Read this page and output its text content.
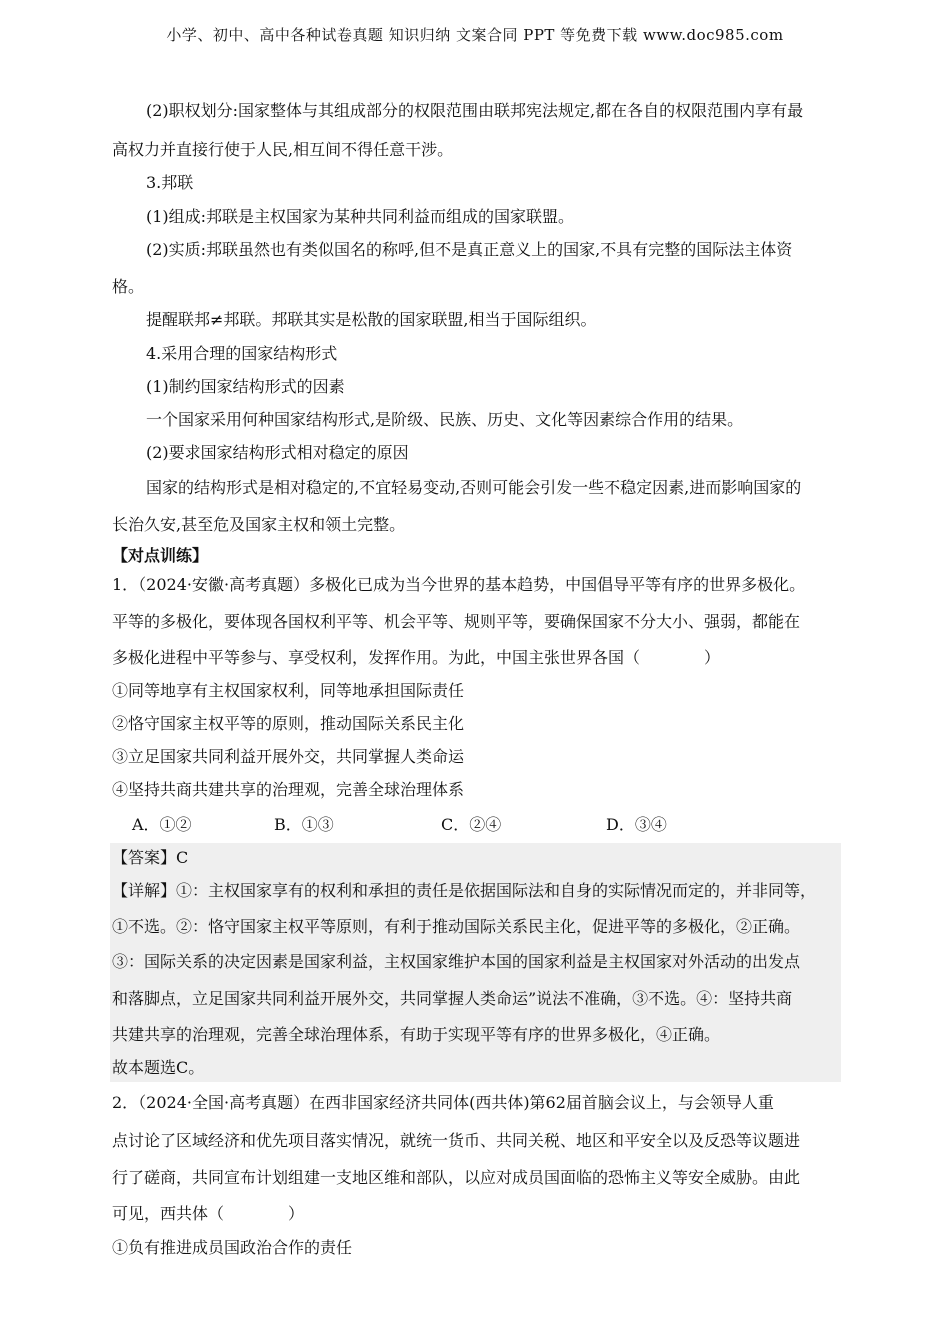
小学、初中、高中各种试卷真题 知识归纳 文案合同 PPT 等免费下载 www.doc985.com
(2)职权划分:国家整体与其组成部分的权限范围由联邦宪法规定,都在各自的权限范围内享有最
高权力并直接行使于人民,相互间不得任意干涉。
3.邦联
(1)组成:邦联是主权国家为某种共同利益而组成的国家联盟。
(2)实质:邦联虽然也有类似国名的称呼,但不是真正意义上的国家,不具有完整的国际法主体资
格。
提醒联邦≠邦联。邦联其实是松散的国家联盟,相当于国际组织。
4.采用合理的国家结构形式
(1)制约国家结构形式的因素
一个国家采用何种国家结构形式,是阶级、民族、历史、文化等因素综合作用的结果。
(2)要求国家结构形式相对稳定的原因
国家的结构形式是相对稳定的,不宜轻易变动,否则可能会引发一些不稳定因素,进而影响国家的
长治久安,甚至危及国家主权和领土完整。
【对点训练】
1．（2024·安徽·高考真题）多极化已成为当今世界的基本趋势，中国倡导平等有序的世界多极化。
平等的多极化，要体现各国权利平等、机会平等、规则平等，要确保国家不分大小、强弱，都能在
多极化进程中平等参与、享受权利，发挥作用。为此，中国主张世界各国（　　　　）
①同等地享有主权国家权利，同等地承担国际责任
②恪守国家主权平等的原则，推动国际关系民主化
③立足国家共同利益开展外交，共同掌握人类命运
④坚持共商共建共享的治理观，完善全球治理体系
A．①②	B．①③	C．②④	D．③④
【答案】C
【详解】①：主权国家享有的权利和承担的责任是依据国际法和自身的实际情况而定的，并非同等，
①不选。②：恪守国家主权平等原则，有利于推动国际关系民主化，促进平等的多极化，②正确。
③：国际关系的决定因素是国家利益，主权国家维护本国的国家利益是主权国家对外活动的出发点
和落脚点，立足国家共同利益开展外交，共同掌握人类命运”说法不准确，③不选。④：坚持共商
共建共享的治理观，完善全球治理体系，有助于实现平等有序的世界多极化，④正确。
故本题选C。
2．（2024·全国·高考真题）在西非国家经济共同体(西共体)第62届首脑会议上，与会领导人重
点讨论了区域经济和优先项目落实情况，就统一货币、共同关税、地区和平安全以及反恐等议题进
行了磋商，共同宣布计划组建一支地区维和部队，以应对成员国面临的恐怖主义等安全威胁。由此
可见，西共体（　　　　）
①负有推进成员国政治合作的责任
